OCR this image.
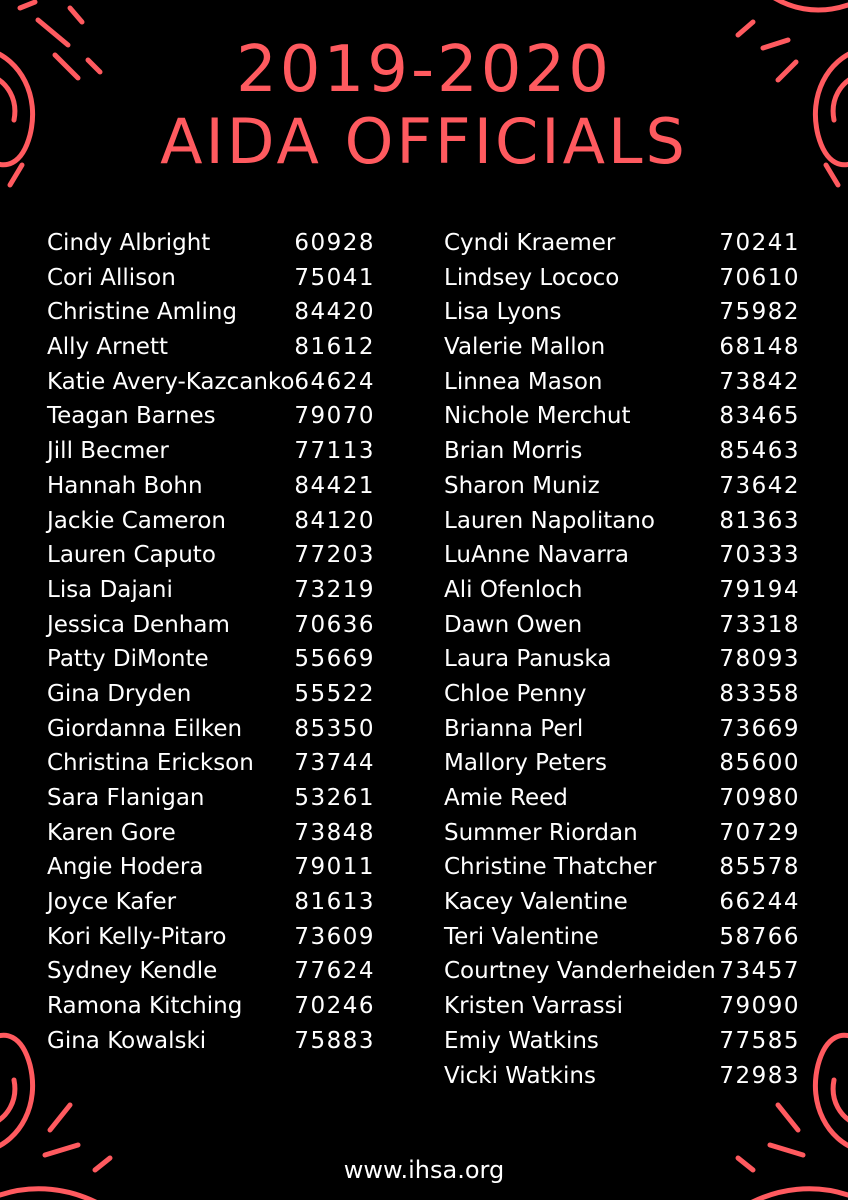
2019-2020
AIDA OFFICIALS
Cindy Albright	60928
Cori Allison	75041
Christine Amling 84420
Ally Arnett	81612
Katie Avery-Kazcanko 64624
Teagan Barnes	79070
Jill Becmer	77113
Hannah Bohn	84421
Jackie Cameron	84120
Lauren Caputo	77203
Lisa Dajani	73219
Jessica Denham	70636
Patty DiMonte	55669
Gina Dryden	55522
Giordanna Eilken 85350
Christina Erickson 73744
Sara Flanigan	53261
Karen Gore	73848
Angie Hodera	79011
Joyce Kafer	81613
Kori Kelly-Pitaro	73609
Sydney Kendle	77624
Ramona Kitching 70246
Gina Kowalski	75883
Cyndi Kraemer	70241
Lindsey Lococo	70610
Lisa Lyons	75982
Valerie Mallon	68148
Linnea Mason	73842
Nichole Merchut	83465
Brian Morris	85463
Sharon Muniz	73642
Lauren Napolitano	81363
LuAnne Navarra	70333
Ali Ofenloch	79194
Dawn Owen	73318
Laura Panuska	78093
Chloe Penny	83358
Brianna Perl	73669
Mallory Peters	85600
Amie Reed	70980
Summer Riordan	70729
Christine Thatcher	85578
Kacey Valentine	66244
Teri Valentine	58766
Courtney Vanderheiden 73457
Kristen Varrassi	79090
Emiy Watkins	77585
Vicki Watkins	72983
www.ihsa.org
